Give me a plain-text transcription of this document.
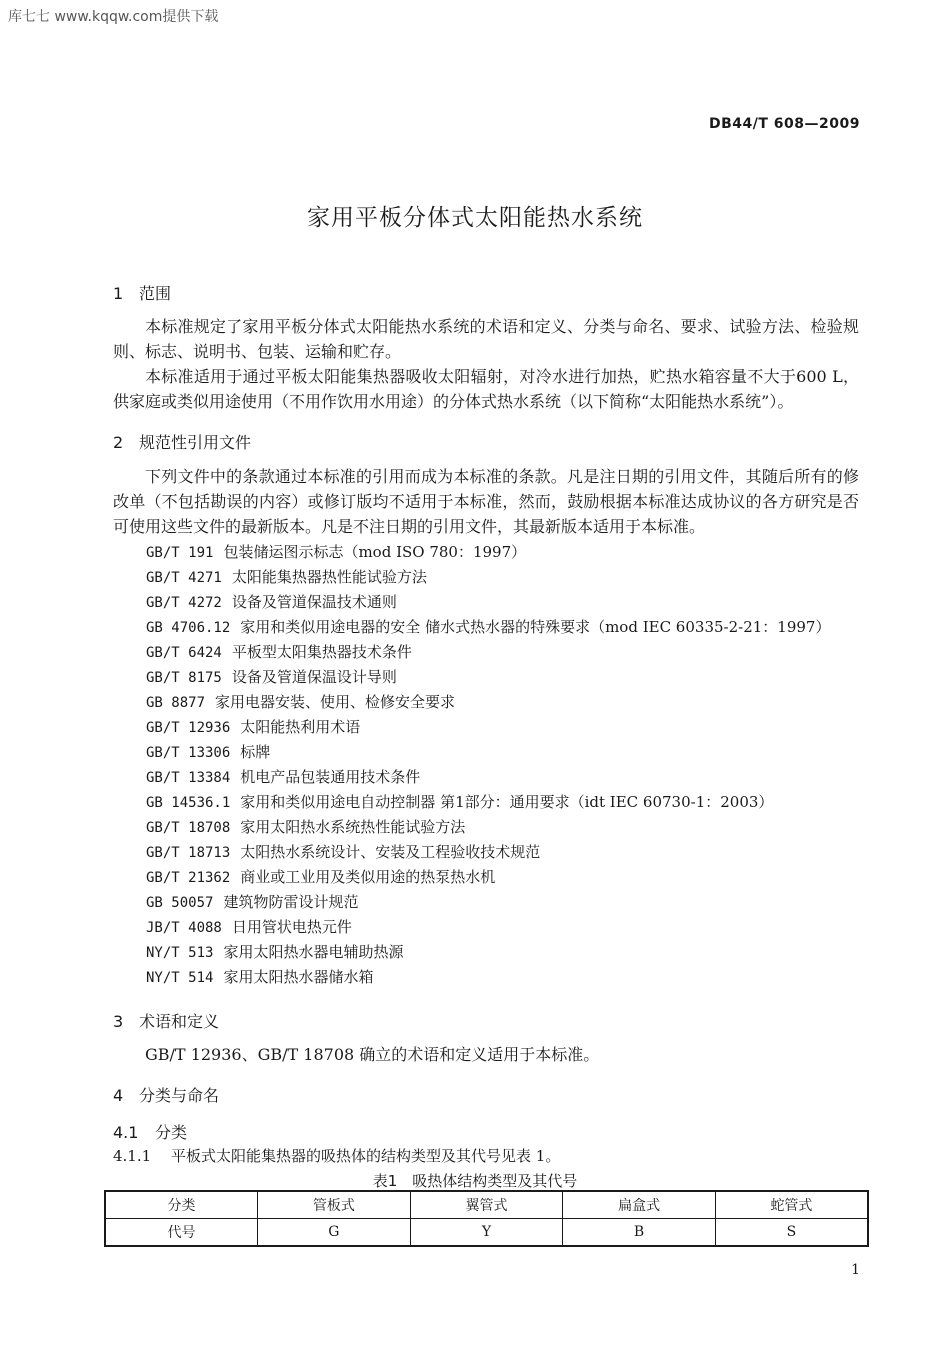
库七七 www.kqqw.com提供下载
DB44/T 608—2009
家用平板分体式太阳能热水系统
1 范围

本标准规定了家用平板分体式太阳能热水系统的术语和定义、分类与命名、要求、试验方法、检验规则、标志、说明书、包装、运输和贮存。

本标准适用于通过平板太阳能集热器吸收太阳辐射，对冷水进行加热，贮热水箱容量不大于600 L，供家庭或类似用途使用（不用作饮用水用途）的分体式热水系统（以下简称“太阳能热水系统”）。

2 规范性引用文件

下列文件中的条款通过本标准的引用而成为本标准的条款。凡是注日期的引用文件，其随后所有的修改单（不包括勘误的内容）或修订版均不适用于本标准，然而，鼓励根据本标准达成协议的各方研究是否可使用这些文件的最新版本。凡是不注日期的引用文件，其最新版本适用于本标准。

GB/T 191 包装储运图示标志（mod ISO 780：1997）
GB/T 4271 太阳能集热器热性能试验方法
GB/T 4272 设备及管道保温技术通则
GB 4706.12 家用和类似用途电器的安全 储水式热水器的特殊要求（mod IEC 60335-2-21：1997）
GB/T 6424 平板型太阳集热器技术条件
GB/T 8175 设备及管道保温设计导则
GB 8877 家用电器安装、使用、检修安全要求
GB/T 12936 太阳能热利用术语
GB/T 13306 标牌
GB/T 13384 机电产品包装通用技术条件
GB 14536.1 家用和类似用途电自动控制器 第1部分：通用要求（idt IEC 60730-1：2003）
GB/T 18708 家用太阳热水系统热性能试验方法
GB/T 18713 太阳热水系统设计、安装及工程验收技术规范
GB/T 21362 商业或工业用及类似用途的热泵热水机
GB 50057 建筑物防雷设计规范
JB/T 4088 日用管状电热元件
NY/T 513 家用太阳热水器电辅助热源
NY/T 514 家用太阳热水器储水箱
3 术语和定义

GB/T 12936、GB/T 18708 确立的术语和定义适用于本标准。

4 分类与命名
4.1 分类
4.1.1 平板式太阳能集热器的吸热体的结构类型及其代号见表 1。
表1　吸热体结构类型及其代号
分类	管板式	翼管式	扁盒式	蛇管式
代号	G	Y	B	S
1
